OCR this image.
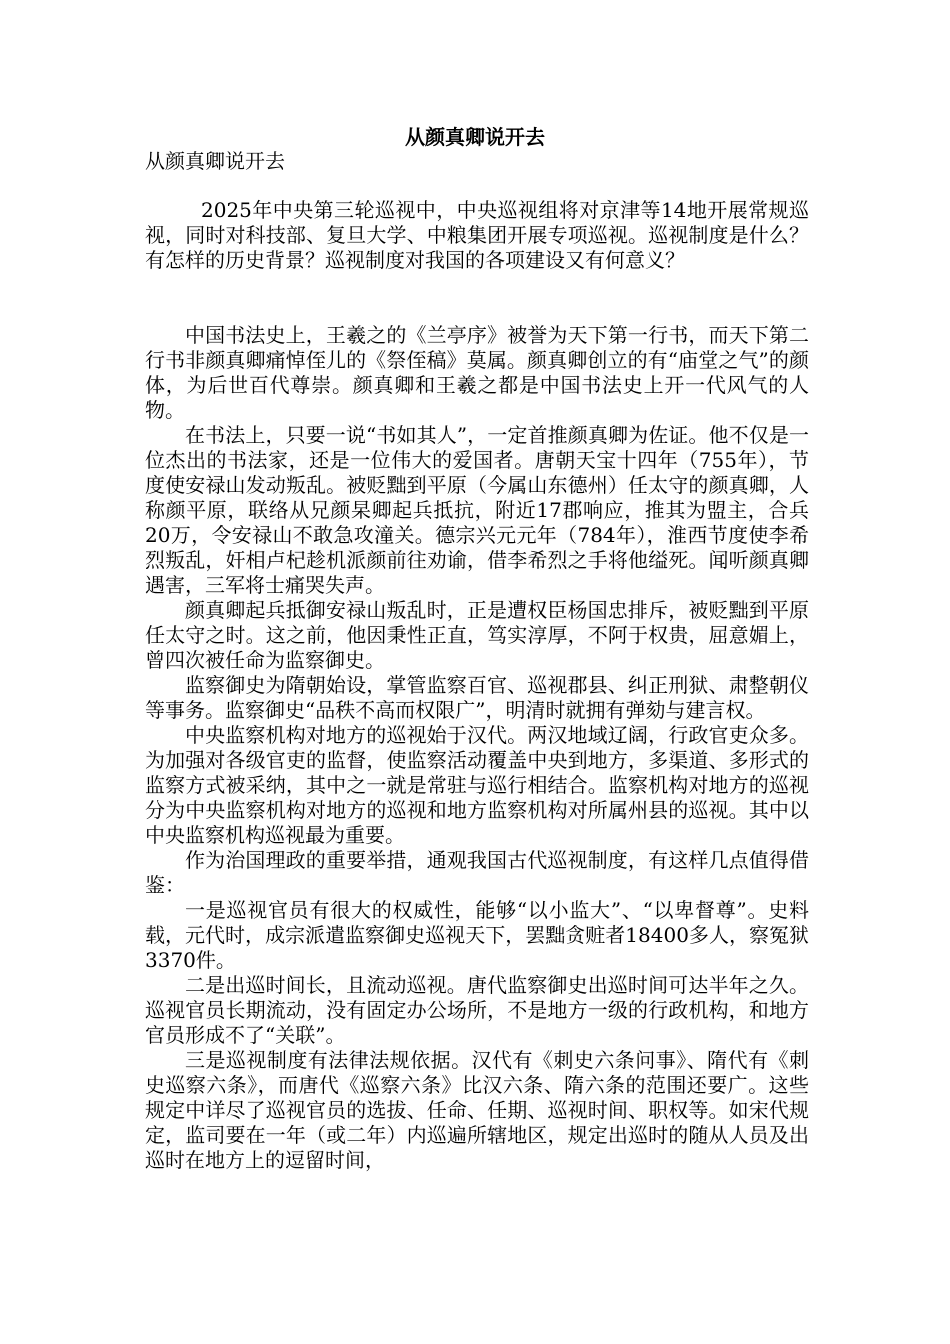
从颜真卿说开去
从颜真卿说开去

2025年中央第三轮巡视中，中央巡视组将对京津等14地开展常规巡视，同时对科技部、复旦大学、中粮集团开展专项巡视。巡视制度是什么？有怎样的历史背景？巡视制度对我国的各项建设又有何意义？

中国书法史上，王羲之的《兰亭序》被誉为天下第一行书，而天下第二行书非颜真卿痛悼侄儿的《祭侄稿》莫属。颜真卿创立的有“庙堂之气”的颜体，为后世百代尊崇。颜真卿和王羲之都是中国书法史上开一代风气的人物。

在书法上，只要一说“书如其人”，一定首推颜真卿为佐证。他不仅是一位杰出的书法家，还是一位伟大的爱国者。唐朝天宝十四年（755年），节度使安禄山发动叛乱。被贬黜到平原（今属山东德州）任太守的颜真卿，人称颜平原，联络从兄颜杲卿起兵抵抗，附近17郡响应，推其为盟主，合兵20万，令安禄山不敢急攻潼关。德宗兴元元年（784年），淮西节度使李希烈叛乱，奸相卢杞趁机派颜前往劝谕，借李希烈之手将他缢死。闻听颜真卿遇害，三军将士痛哭失声。

颜真卿起兵抵御安禄山叛乱时，正是遭权臣杨国忠排斥，被贬黜到平原任太守之时。这之前，他因秉性正直，笃实淳厚，不阿于权贵，屈意媚上，曾四次被任命为监察御史。

监察御史为隋朝始设，掌管监察百官、巡视郡县、纠正刑狱、肃整朝仪等事务。监察御史“品秩不高而权限广”，明清时就拥有弹劾与建言权。

中央监察机构对地方的巡视始于汉代。两汉地域辽阔，行政官吏众多。为加强对各级官吏的监督，使监察活动覆盖中央到地方，多渠道、多形式的监察方式被采纳，其中之一就是常驻与巡行相结合。监察机构对地方的巡视分为中央监察机构对地方的巡视和地方监察机构对所属州县的巡视。其中以中央监察机构巡视最为重要。

作为治国理政的重要举措，通观我国古代巡视制度，有这样几点值得借鉴：

一是巡视官员有很大的权威性，能够“以小监大”、“以卑督尊”。史料载，元代时，成宗派遣监察御史巡视天下，罢黜贪赃者18400多人，察冤狱3370件。

二是出巡时间长，且流动巡视。唐代监察御史出巡时间可达半年之久。巡视官员长期流动，没有固定办公场所，不是地方一级的行政机构，和地方官员形成不了“关联”。

三是巡视制度有法律法规依据。汉代有《刺史六条问事》、隋代有《刺史巡察六条》，而唐代《巡察六条》比汉六条、隋六条的范围还要广。这些规定中详尽了巡视官员的选拔、任命、任期、巡视时间、职权等。如宋代规定，监司要在一年（或二年）内巡遍所辖地区，规定出巡时的随从人员及出巡时在地方上的逗留时间，
